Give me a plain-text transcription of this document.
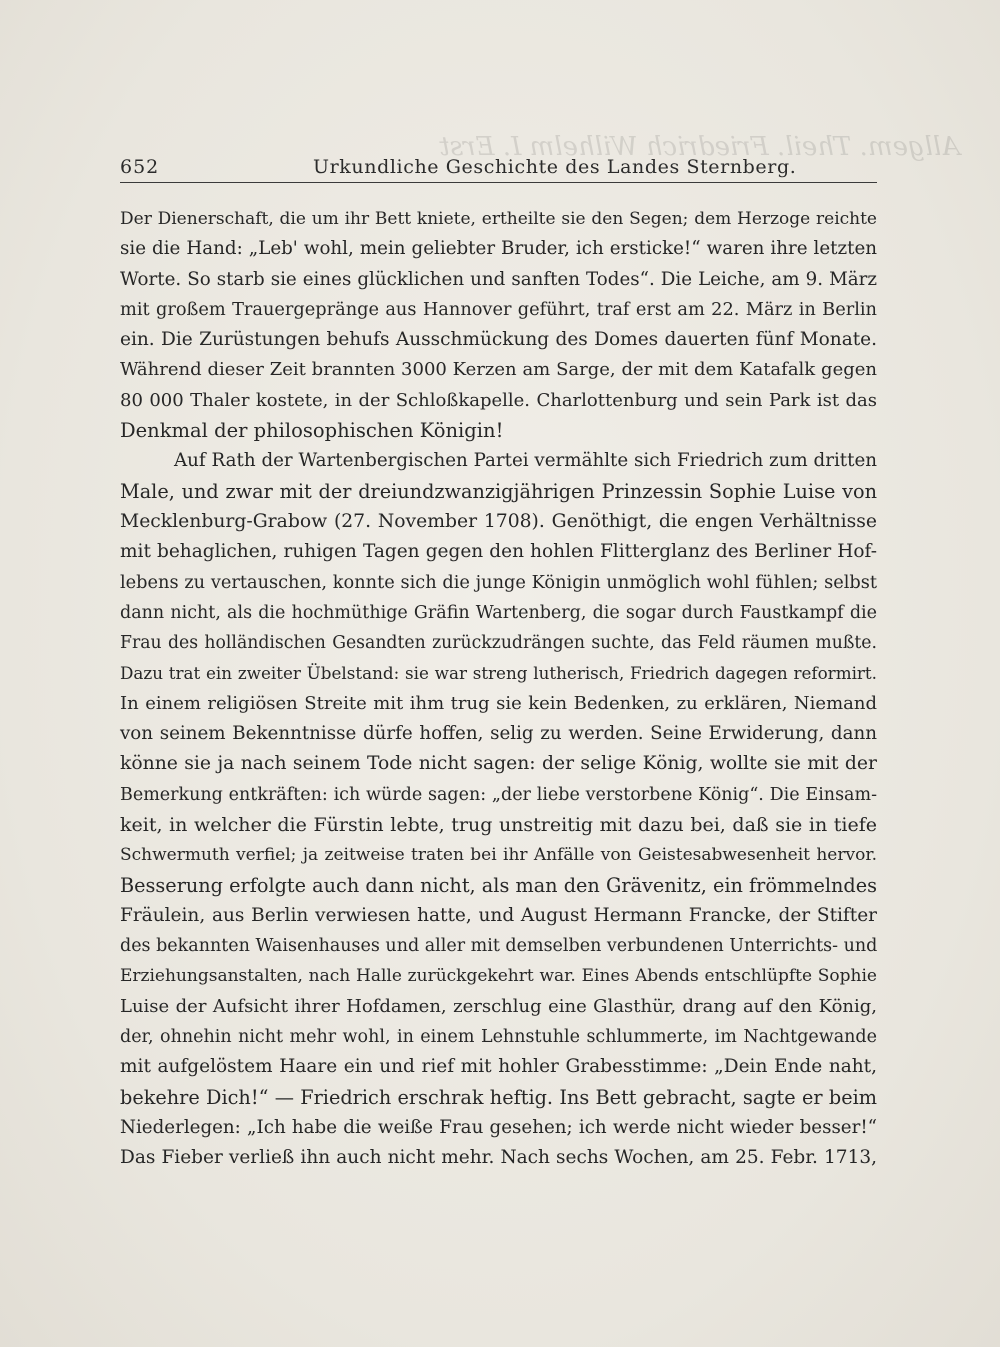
Allgem. Theil. Friedrich Wilhelm I. Erst
652	Urkundliche Geschichte des Landes Sternberg.
Der Dienerschaft, die um ihr Bett kniete, ertheilte sie den Segen; dem Herzoge reichte
sie die Hand: „Leb' wohl, mein geliebter Bruder, ich ersticke!“ waren ihre letzten
Worte. So starb sie eines glücklichen und sanften Todes“. Die Leiche, am 9. März
mit großem Trauergepränge aus Hannover geführt, traf erst am 22. März in Berlin
ein. Die Zurüstungen behufs Ausschmückung des Domes dauerten fünf Monate.
Während dieser Zeit brannten 3000 Kerzen am Sarge, der mit dem Katafalk gegen
80 000 Thaler kostete, in der Schloßkapelle. Charlottenburg und sein Park ist das
Denkmal der philosophischen Königin!
Auf Rath der Wartenbergischen Partei vermählte sich Friedrich zum dritten
Male, und zwar mit der dreiundzwanzigjährigen Prinzessin Sophie Luise von
Mecklenburg-Grabow (27. November 1708). Genöthigt, die engen Verhältnisse
mit behaglichen, ruhigen Tagen gegen den hohlen Flitterglanz des Berliner Hof-
lebens zu vertauschen, konnte sich die junge Königin unmöglich wohl fühlen; selbst
dann nicht, als die hochmüthige Gräfin Wartenberg, die sogar durch Faustkampf die
Frau des holländischen Gesandten zurückzudrängen suchte, das Feld räumen mußte.
Dazu trat ein zweiter Übelstand: sie war streng lutherisch, Friedrich dagegen reformirt.
In einem religiösen Streite mit ihm trug sie kein Bedenken, zu erklären, Niemand
von seinem Bekenntnisse dürfe hoffen, selig zu werden. Seine Erwiderung, dann
könne sie ja nach seinem Tode nicht sagen: der selige König, wollte sie mit der
Bemerkung entkräften: ich würde sagen: „der liebe verstorbene König“. Die Einsam-
keit, in welcher die Fürstin lebte, trug unstreitig mit dazu bei, daß sie in tiefe
Schwermuth verfiel; ja zeitweise traten bei ihr Anfälle von Geistesabwesenheit hervor.
Besserung erfolgte auch dann nicht, als man den Grävenitz, ein frömmelndes
Fräulein, aus Berlin verwiesen hatte, und August Hermann Francke, der Stifter
des bekannten Waisenhauses und aller mit demselben verbundenen Unterrichts- und
Erziehungsanstalten, nach Halle zurückgekehrt war. Eines Abends entschlüpfte Sophie
Luise der Aufsicht ihrer Hofdamen, zerschlug eine Glasthür, drang auf den König,
der, ohnehin nicht mehr wohl, in einem Lehnstuhle schlummerte, im Nachtgewande
mit aufgelöstem Haare ein und rief mit hohler Grabesstimme: „Dein Ende naht,
bekehre Dich!“ — Friedrich erschrak heftig. Ins Bett gebracht, sagte er beim
Niederlegen: „Ich habe die weiße Frau gesehen; ich werde nicht wieder besser!“
Das Fieber verließ ihn auch nicht mehr. Nach sechs Wochen, am 25. Febr. 1713,
